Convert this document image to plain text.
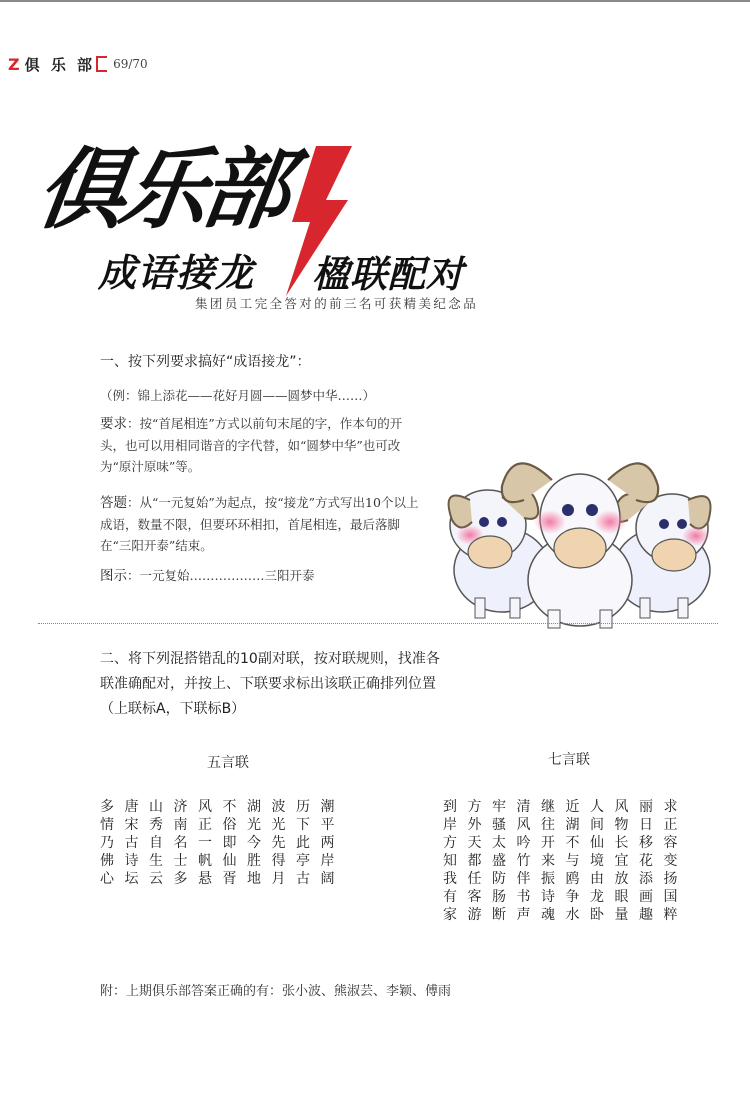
Z 俱 乐 部 69/70
俱乐部
成语接龙 楹联配对
集团员工完全答对的前三名可获精美纪念品
一、按下列要求搞好“成语接龙”：
（例：锦上添花——花好月圆——圆梦中华……）
要求：按“首尾相连”方式以前句末尾的字，作本句的开头，也可以用相同谐音的字代替，如“圆梦中华”也可改为“原汁原味”等。
答题：从“一元复始”为起点，按“接龙”方式写出10个以上成语，数量不限，但要环环相扣，首尾相连，最后落脚在“三阳开泰”结束。
图示：一元复始………………三阳开泰
二、将下列混搭错乱的10副对联，按对联规则，找准各联准确配对，并按上、下联要求标出该联正确排列位置（上联标A，下联标B）
五言联	七言联
多 唐 山 济 风 不 湖 波 历 潮
情 宋 秀 南 正 俗 光 光 下 平
乃 古 自 名 一 即 今 先 此 两
佛 诗 生 士 帆 仙 胜 得 亭 岸
心 坛 云 多 悬 胥 地 月 古 阔
到 方 牢 清 继 近 人 风 丽 求
岸 外 骚 风 往 湖 间 物 日 正
方 天 太 吟 开 不 仙 长 移 容
知 都 盛 竹 来 与 境 宜 花 变
我 任 防 伴 振 鸥 由 放 添 扬
有 客 肠 书 诗 争 龙 眼 画 国
家 游 断 声 魂 水 卧 量 趣 粹
附：上期俱乐部答案正确的有：张小波、熊淑芸、李颖、傅雨
